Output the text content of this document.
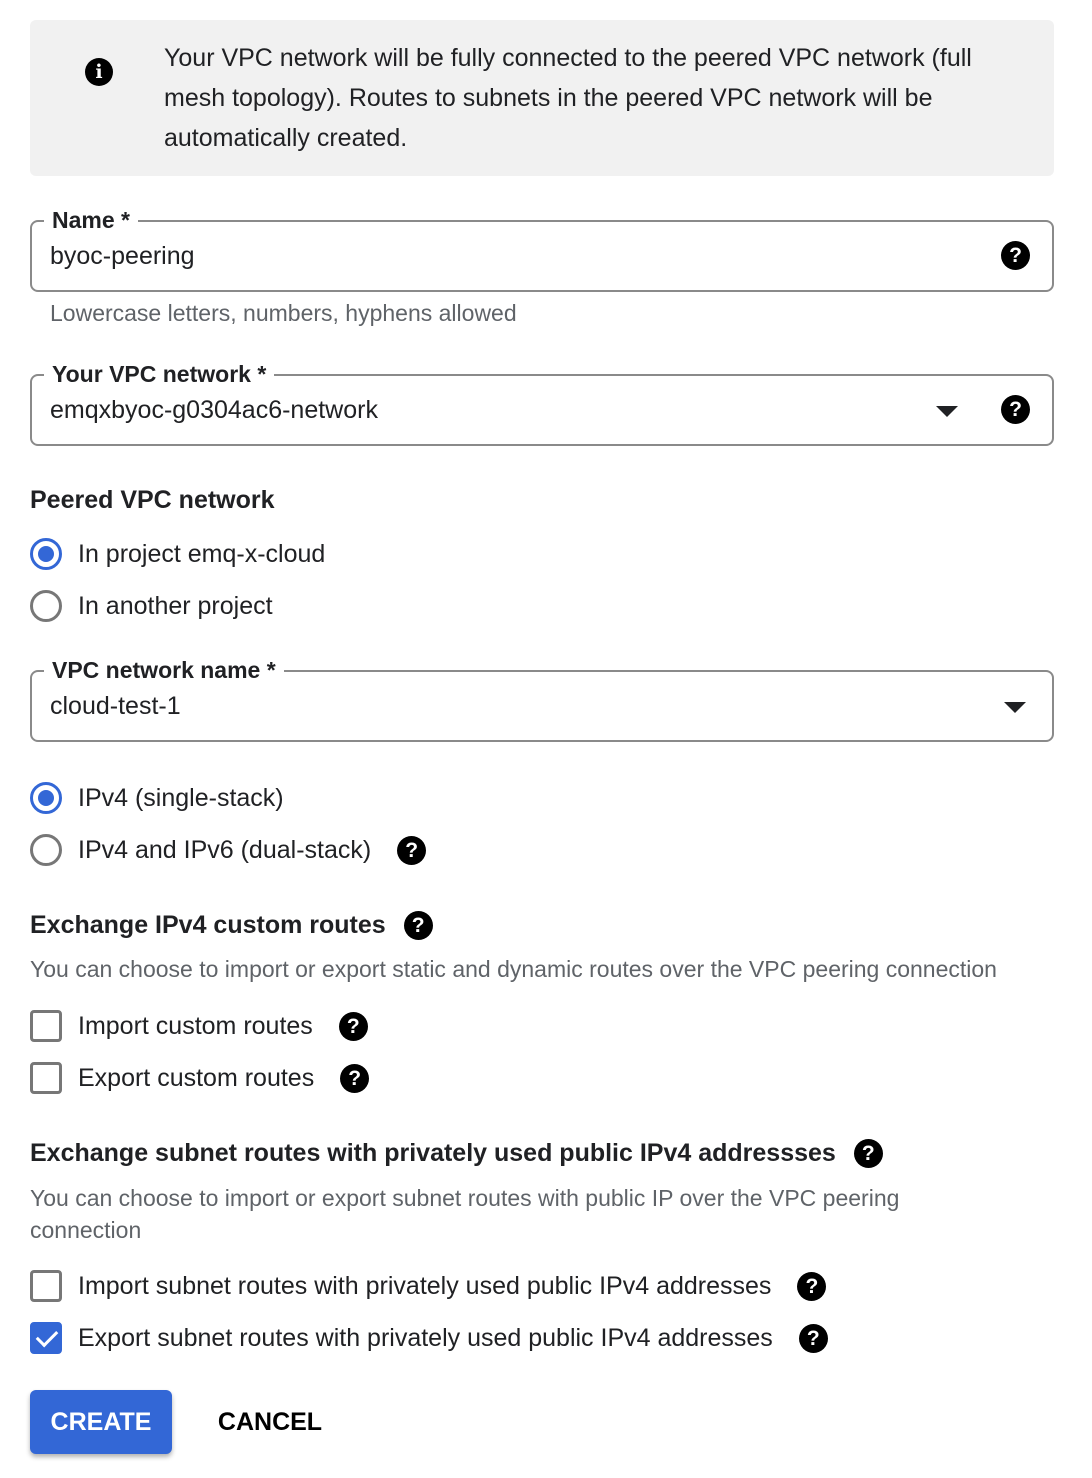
i	Your VPC network will be fully connected to the peered VPC network (full mesh topology). Routes to subnets in the peered VPC network will be automatically created.
Name *
byoc-peering	?
Lowercase letters, numbers, hyphens allowed
Your VPC network *
emqxbyoc-g0304ac6-network	?
Peered VPC network
In project emq-x-cloud
In another project
VPC network name *
cloud-test-1
IPv4 (single-stack)
IPv4 and IPv6 (dual-stack)	?
Exchange IPv4 custom routes	?
You can choose to import or export static and dynamic routes over the VPC peering connection
Import custom routes	?
Export custom routes	?
Exchange subnet routes with privately used public IPv4 addressses	?
You can choose to import or export subnet routes with public IP over the VPC peering connection
Import subnet routes with privately used public IPv4 addresses	?
Export subnet routes with privately used public IPv4 addresses	?
CREATE	CANCEL
